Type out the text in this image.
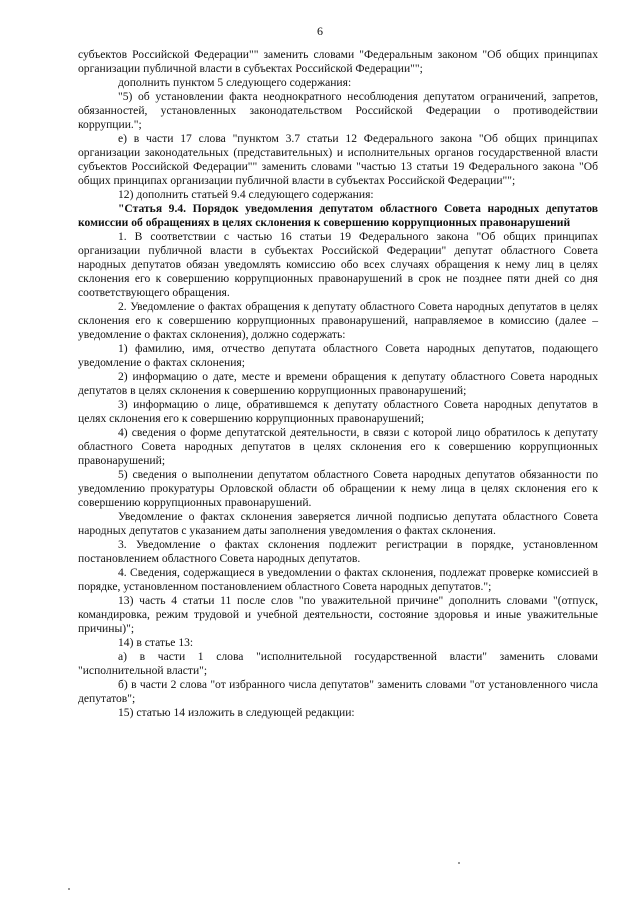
6

субъектов Российской Федерации"" заменить словами "Федеральным законом "Об общих принципах организации публичной власти в субъектах Российской Федерации"";

дополнить пунктом 5 следующего содержания:

"5) об установлении факта неоднократного несоблюдения депутатом ограничений, запретов, обязанностей, установленных законодательством Российской Федерации о противодействии коррупции.";

е) в части 17 слова "пунктом 3.7 статьи 12 Федерального закона "Об общих принципах организации законодательных (представительных) и исполнительных органов государственной власти субъектов Российской Федерации"" заменить словами "частью 13 статьи 19 Федерального закона "Об общих принципах организации публичной власти в субъектах Российской Федерации"";

12) дополнить статьей 9.4 следующего содержания:

"Статья 9.4. Порядок уведомления депутатом областного Совета народных депутатов комиссии об обращениях в целях склонения к совершению коррупционных правонарушений

1. В соответствии с частью 16 статьи 19 Федерального закона "Об общих принципах организации публичной власти в субъектах Российской Федерации" депутат областного Совета народных депутатов обязан уведомлять комиссию обо всех случаях обращения к нему лиц в целях склонения его к совершению коррупционных правонарушений в срок не позднее пяти дней со дня соответствующего обращения.

2. Уведомление о фактах обращения к депутату областного Совета народных депутатов в целях склонения его к совершению коррупционных правонарушений, направляемое в комиссию (далее – уведомление о фактах склонения), должно содержать:

1) фамилию, имя, отчество депутата областного Совета народных депутатов, подающего уведомление о фактах склонения;

2) информацию о дате, месте и времени обращения к депутату областного Совета народных депутатов в целях склонения к совершению коррупционных правонарушений;

3) информацию о лице, обратившемся к депутату областного Совета народных депутатов в целях склонения его к совершению коррупционных правонарушений;

4) сведения о форме депутатской деятельности, в связи с которой лицо обратилось к депутату областного Совета народных депутатов в целях склонения его к совершению коррупционных правонарушений;

5) сведения о выполнении депутатом областного Совета народных депутатов обязанности по уведомлению прокуратуры Орловской области об обращении к нему лица в целях склонения его к совершению коррупционных правонарушений.

Уведомление о фактах склонения заверяется личной подписью депутата областного Совета народных депутатов с указанием даты заполнения уведомления о фактах склонения.

3. Уведомление о фактах склонения подлежит регистрации в порядке, установленном постановлением областного Совета народных депутатов.

4. Сведения, содержащиеся в уведомлении о фактах склонения, подлежат проверке комиссией в порядке, установленном постановлением областного Совета народных депутатов.";

13) часть 4 статьи 11 после слов "по уважительной причине" дополнить словами "(отпуск, командировка, режим трудовой и учебной деятельности, состояние здоровья и иные уважительные причины)";

14) в статье 13:

а) в части 1 слова "исполнительной государственной власти" заменить словами "исполнительной власти";

б) в части 2 слова "от избранного числа депутатов" заменить словами "от установленного числа депутатов";

15) статью 14 изложить в следующей редакции:
